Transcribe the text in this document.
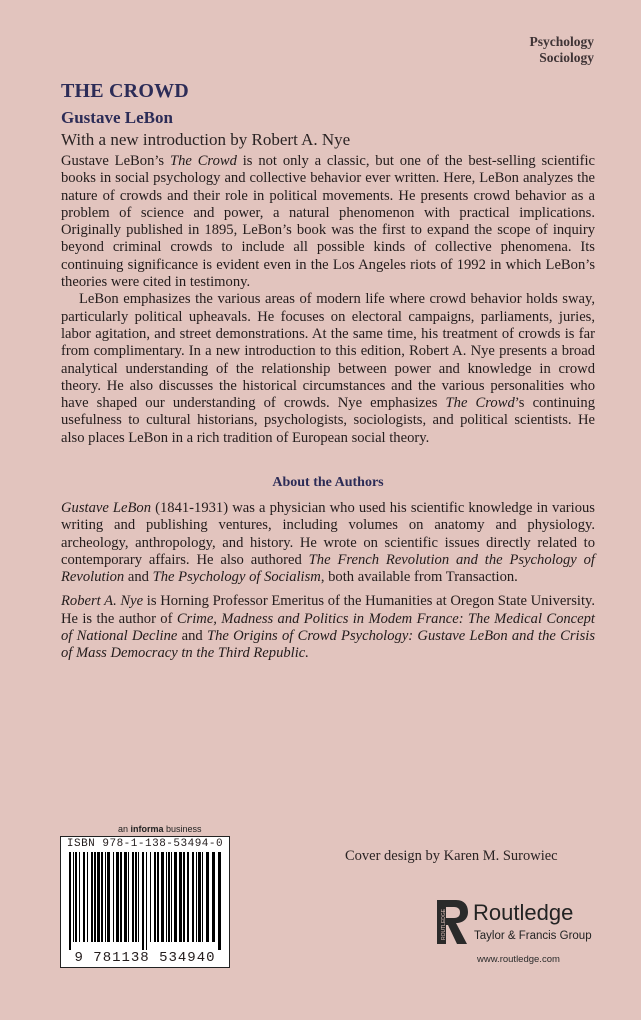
Psychology
Sociology
THE CROWD
Gustave LeBon
With a new introduction by Robert A. Nye

Gustave LeBon’s The Crowd is not only a classic, but one of the best-selling scientific books in social psychology and collective behavior ever written. Here, LeBon analyzes the nature of crowds and their role in political movements. He presents crowd behavior as a problem of science and power, a natural phenomenon with practical implications. Originally published in 1895, LeBon’s book was the first to expand the scope of inquiry beyond criminal crowds to include all possible kinds of collective phenomena. Its continuing significance is evident even in the Los Angeles riots of 1992 in which LeBon’s theories were cited in testimony.

LeBon emphasizes the various areas of modern life where crowd behavior holds sway, particularly political upheavals. He focuses on electoral campaigns, parliaments, juries, labor agitation, and street demonstrations. At the same time, his treatment of crowds is far from complimentary. In a new introduction to this edition, Robert A. Nye presents a broad analytical understanding of the relationship between power and knowledge in crowd theory. He also discusses the historical circumstances and the various personalities who have shaped our understanding of crowds. Nye emphasizes The Crowd’s continuing usefulness to cultural historians, psychologists, sociologists, and political scientists. He also places LeBon in a rich tradition of European social theory.

About the Authors

Gustave LeBon (1841-1931) was a physician who used his scientific knowledge in various writing and publishing ventures, including volumes on anatomy and physiology. archeology, anthropology, and history. He wrote on scientific issues directly related to contemporary affairs. He also authored The French Revolution and the Psychology of Revolution and The Psychology of Socialism, both available from Transaction.

Robert A. Nye is Horning Professor Emeritus of the Humanities at Oregon State University. He is the author of Crime, Madness and Politics in Modem France: The Medical Concept of National Decline and The Origins of Crowd Psychology: Gustave LeBon and the Crisis of Mass Democracy tn the Third Republic.

an informa business
ISBN 978-1-138-53494-0
9 781138 534940
Cover design by Karen M. Surowiec
ROUTLEDGE Routledge
Taylor & Francis Group
www.routledge.com
